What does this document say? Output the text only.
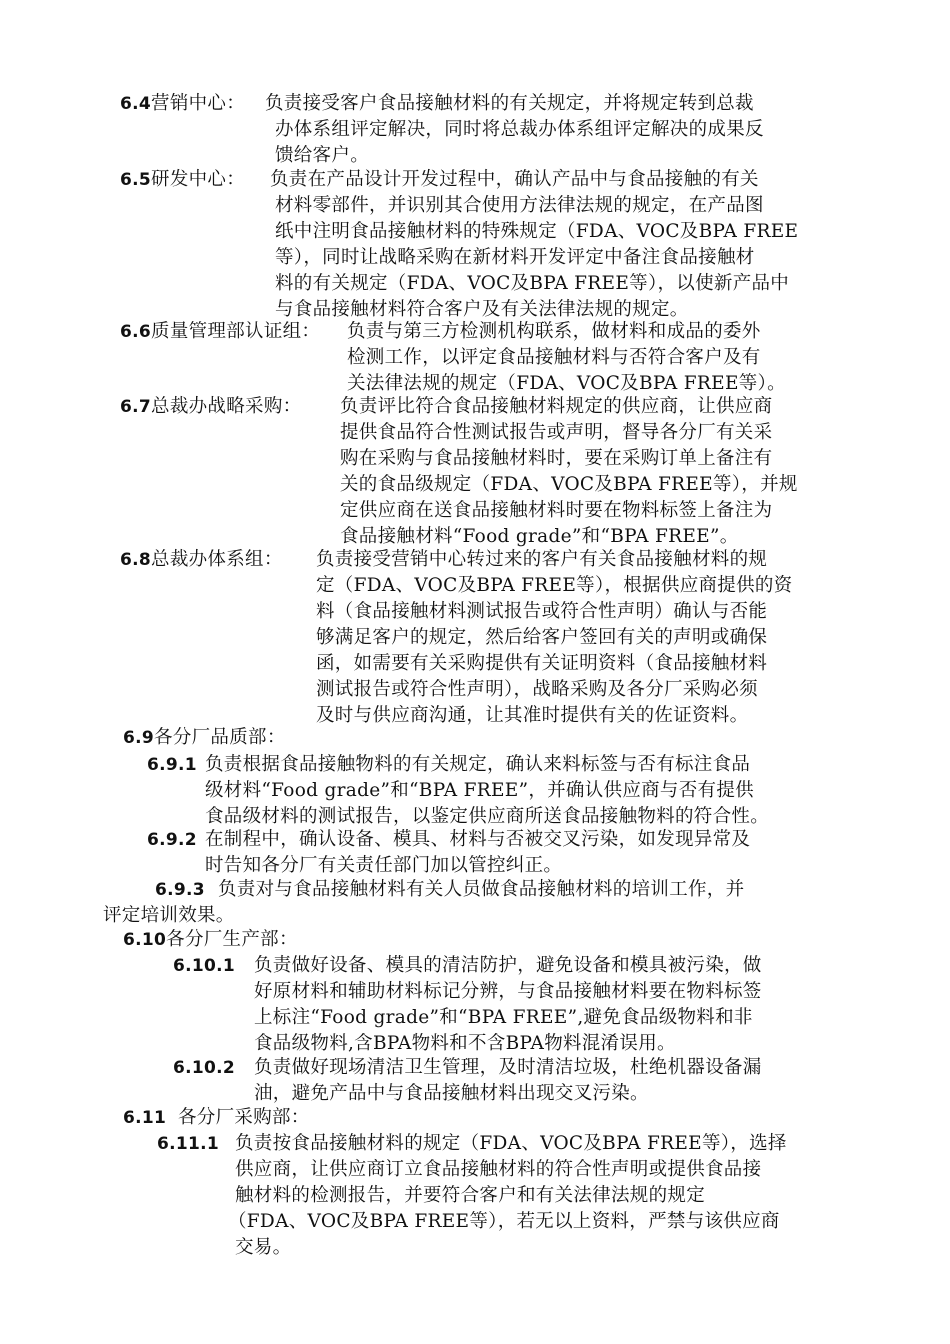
6.4营销中心： 负责接受客户食品接触材料的有关规定，并将规定转到总裁
办体系组评定解决，同时将总裁办体系组评定解决的成果反
馈给客户。
6.5研发中心： 负责在产品设计开发过程中，确认产品中与食品接触的有关
材料零部件，并识别其合使用方法律法规的规定，在产品图
纸中注明食品接触材料的特殊规定（FDA、VOC及BPA FREE
等），同时让战略采购在新材料开发评定中备注食品接触材
料的有关规定（FDA、VOC及BPA FREE等），以使新产品中
与食品接触材料符合客户及有关法律法规的规定。
6.6质量管理部认证组： 负责与第三方检测机构联系，做材料和成品的委外
检测工作，以评定食品接触材料与否符合客户及有
关法律法规的规定（FDA、VOC及BPA FREE等）。
6.7总裁办战略采购： 负责评比符合食品接触材料规定的供应商，让供应商
提供食品符合性测试报告或声明，督导各分厂有关采
购在采购与食品接触材料时，要在采购订单上备注有
关的食品级规定（FDA、VOC及BPA FREE等），并规
定供应商在送食品接触材料时要在物料标签上备注为
食品接触材料“Food grade”和“BPA FREE”。
6.8总裁办体系组： 负责接受营销中心转过来的客户有关食品接触材料的规
定（FDA、VOC及BPA FREE等），根据供应商提供的资
料（食品接触材料测试报告或符合性声明）确认与否能
够满足客户的规定，然后给客户签回有关的声明或确保
函，如需要有关采购提供有关证明资料（食品接触材料
测试报告或符合性声明），战略采购及各分厂采购必须
及时与供应商沟通，让其准时提供有关的佐证资料。
6.9各分厂品质部：
6.9.1 负责根据食品接触物料的有关规定，确认来料标签与否有标注食品
级材料“Food grade”和“BPA FREE”，并确认供应商与否有提供
食品级材料的测试报告，以鉴定供应商所送食品接触物料的符合性。
6.9.2 在制程中，确认设备、模具、材料与否被交叉污染，如发现异常及
时告知各分厂有关责任部门加以管控纠正。
6.9.3 负责对与食品接触材料有关人员做食品接触材料的培训工作，并
评定培训效果。
6.10各分厂生产部：
6.10.1 负责做好设备、模具的清洁防护，避免设备和模具被污染，做
好原材料和辅助材料标记分辨，与食品接触材料要在物料标签
上标注“Food grade”和“BPA FREE”,避免食品级物料和非
食品级物料,含BPA物料和不含BPA物料混淆误用。
6.10.2 负责做好现场清洁卫生管理，及时清洁垃圾，杜绝机器设备漏
油，避免产品中与食品接触材料出现交叉污染。
6.11 各分厂采购部：
6.11.1 负责按食品接触材料的规定（FDA、VOC及BPA FREE等），选择
供应商，让供应商订立食品接触材料的符合性声明或提供食品接
触材料的检测报告，并要符合客户和有关法律法规的规定
（FDA、VOC及BPA FREE等），若无以上资料，严禁与该供应商
交易。
